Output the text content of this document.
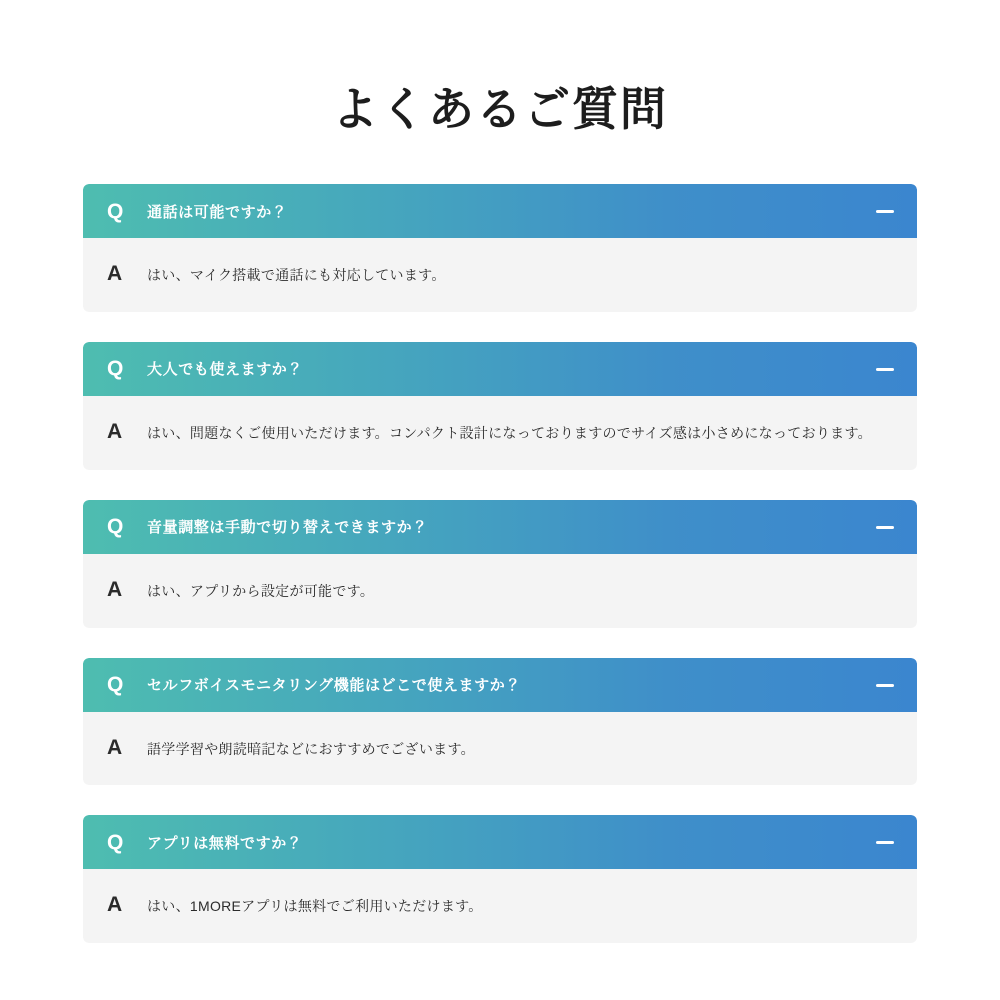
よくあるご質問
Q	通話は可能ですか？
A	はい、マイク搭載で通話にも対応しています。
Q	大人でも使えますか？
A	はい、問題なくご使用いただけます。コンパクト設計になっておりますのでサイズ感は小さめになっております。
Q	音量調整は手動で切り替えできますか？
A	はい、アプリから設定が可能です。
Q	セルフボイスモニタリング機能はどこで使えますか？
A	語学学習や朗読暗記などにおすすめでございます。
Q	アプリは無料ですか？
A	はい、1MOREアプリは無料でご利用いただけます。
